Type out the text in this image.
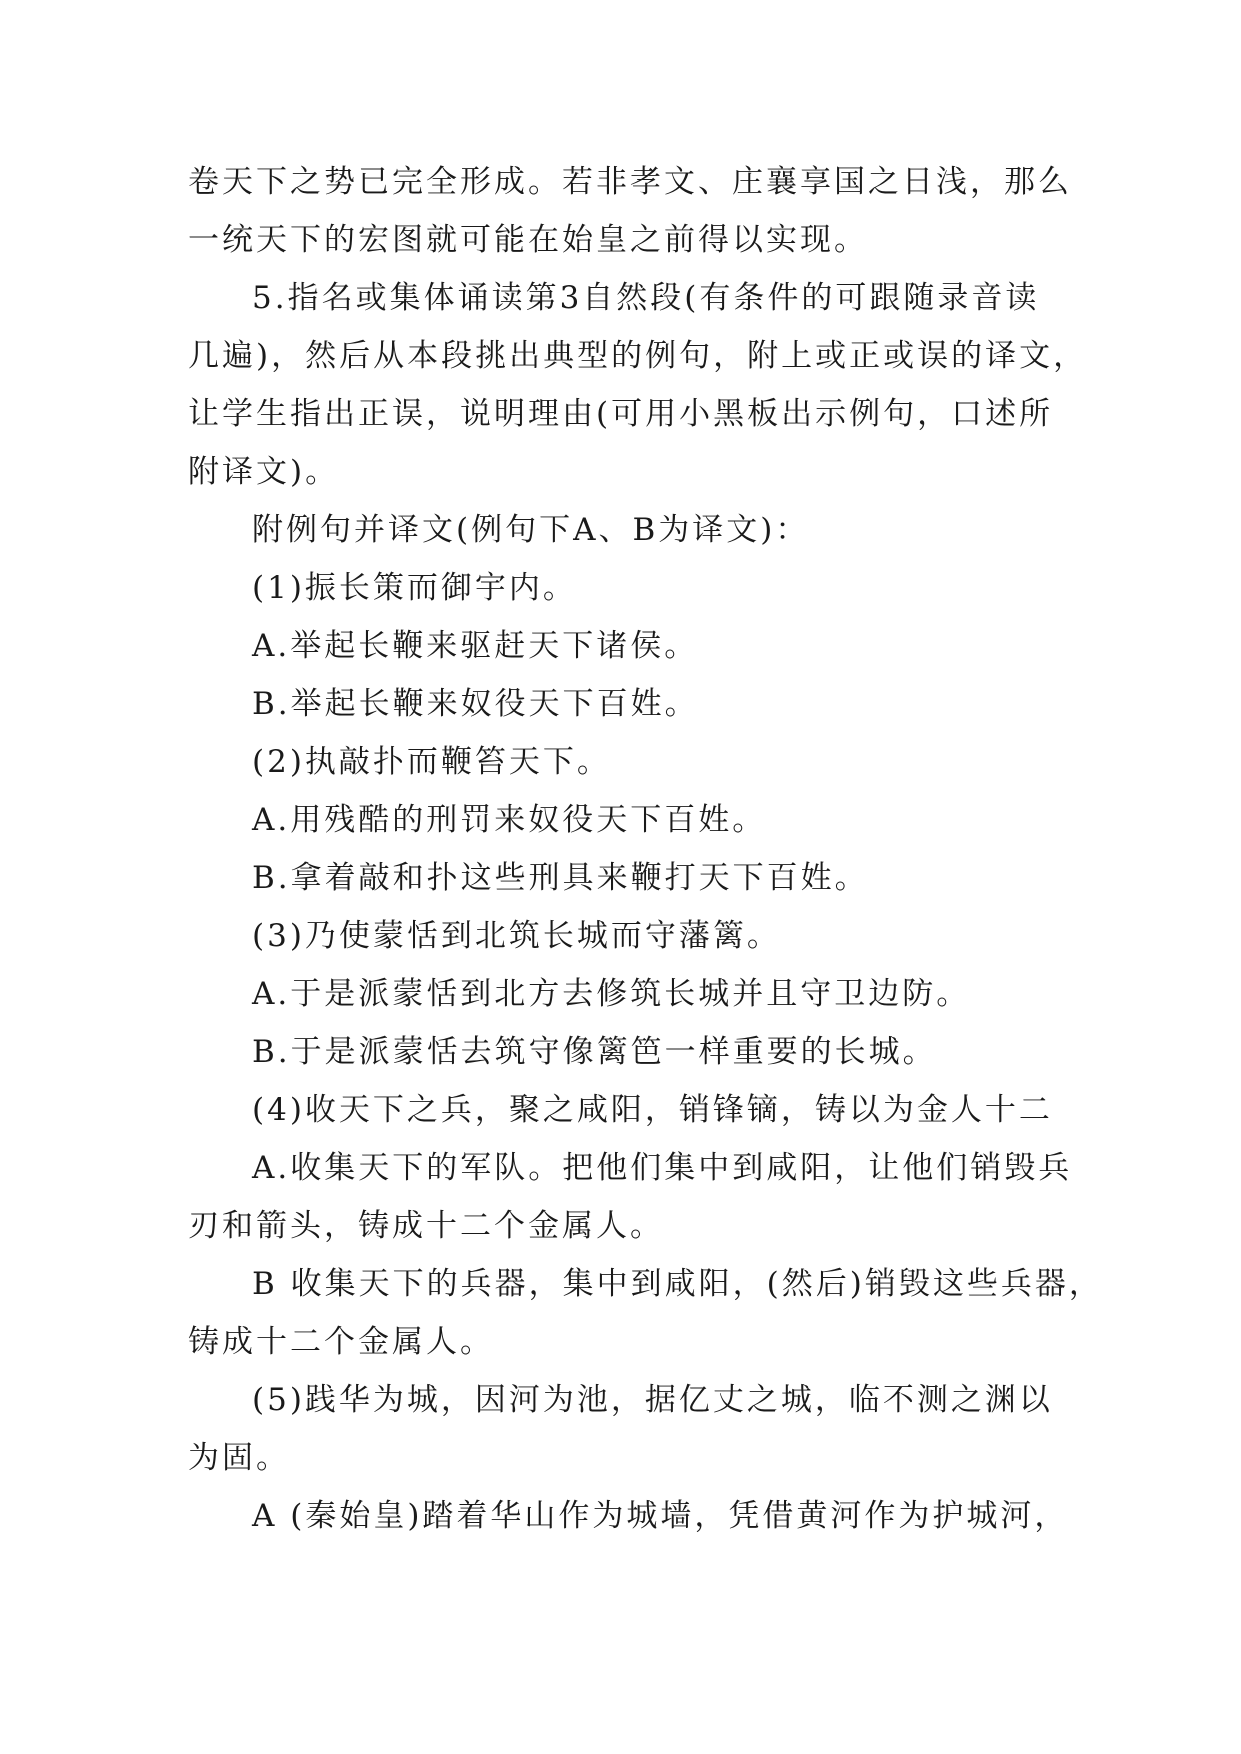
卷天下之势已完全形成。若非孝文、庄襄享国之日浅，那么
一统天下的宏图就可能在始皇之前得以实现。
5.指名或集体诵读第3自然段(有条件的可跟随录音读
几遍)，然后从本段挑出典型的例句，附上或正或误的译文，
让学生指出正误，说明理由(可用小黑板出示例句，口述所
附译文)。
附例句并译文(例句下A、B为译文)：
(1)振长策而御宇内。
A.举起长鞭来驱赶天下诸侯。
B.举起长鞭来奴役天下百姓。
(2)执敲扑而鞭笞天下。
A.用残酷的刑罚来奴役天下百姓。
B.拿着敲和扑这些刑具来鞭打天下百姓。
(3)乃使蒙恬到北筑长城而守藩篱。
A.于是派蒙恬到北方去修筑长城并且守卫边防。
B.于是派蒙恬去筑守像篱笆一样重要的长城。
(4)收天下之兵，聚之咸阳，销锋镝，铸以为金人十二
A.收集天下的军队。把他们集中到咸阳，让他们销毁兵
刃和箭头，铸成十二个金属人。
B 收集天下的兵器，集中到咸阳，(然后)销毁这些兵器，
铸成十二个金属人。
(5)践华为城，因河为池，据亿丈之城，临不测之渊以
为固。
A (秦始皇)踏着华山作为城墙，凭借黄河作为护城河，
